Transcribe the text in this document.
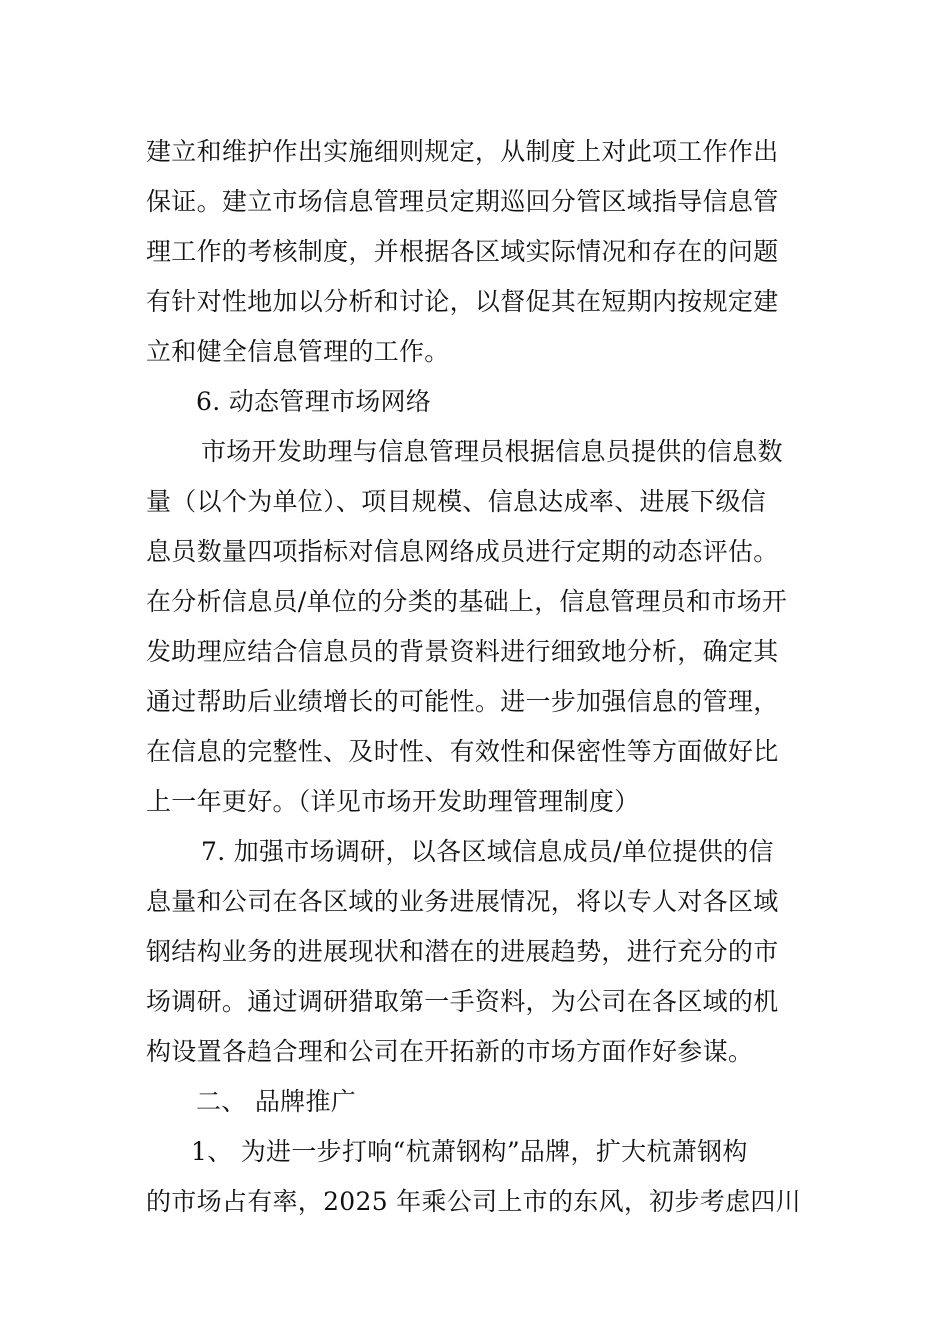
建立和维护作出实施细则规定，从制度上对此项工作作出
保证。建立市场信息管理员定期巡回分管区域指导信息管
理工作的考核制度，并根据各区域实际情况和存在的问题
有针对性地加以分析和讨论，以督促其在短期内按规定建
立和健全信息管理的工作。
6. 动态管理市场网络
市场开发助理与信息管理员根据信息员提供的信息数
量（以个为单位）、项目规模、信息达成率、进展下级信
息员数量四项指标对信息网络成员进行定期的动态评估。
在分析信息员/单位的分类的基础上，信息管理员和市场开
发助理应结合信息员的背景资料进行细致地分析，确定其
通过帮助后业绩增长的可能性。进一步加强信息的管理，
在信息的完整性、及时性、有效性和保密性等方面做好比
上一年更好。（详见市场开发助理管理制度）
7. 加强市场调研，以各区域信息成员/单位提供的信
息量和公司在各区域的业务进展情况，将以专人对各区域
钢结构业务的进展现状和潜在的进展趋势，进行充分的市
场调研。通过调研猎取第一手资料，为公司在各区域的机
构设置各趋合理和公司在开拓新的市场方面作好参谋。
二、 品牌推广
1、 为进一步打响“杭萧钢构”品牌，扩大杭萧钢构
的市场占有率，2025 年乘公司上市的东风，初步考虑四川
